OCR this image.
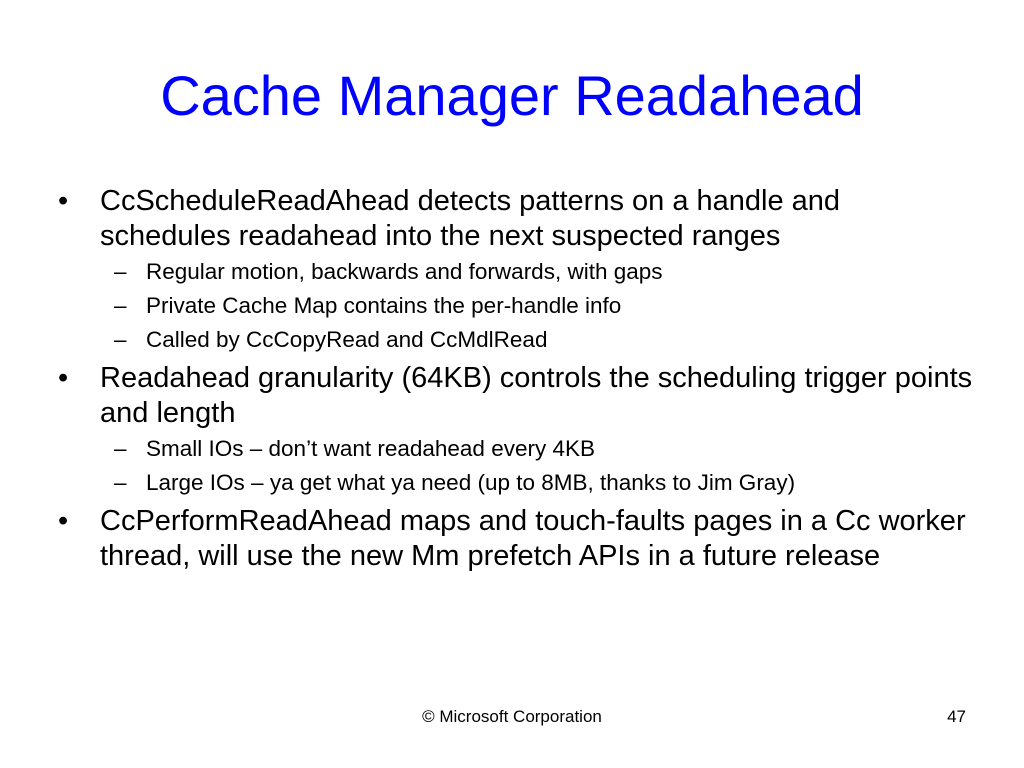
Cache Manager Readahead
•	CcScheduleReadAhead detects patterns on a handle and schedules readahead into the next suspected ranges
– Regular motion, backwards and forwards, with gaps
– Private Cache Map contains the per-handle info
– Called by CcCopyRead and CcMdlRead
•	Readahead granularity (64KB) controls the scheduling trigger points and length
– Small IOs – don’t want readahead every 4KB
– Large IOs – ya get what ya need (up to 8MB, thanks to Jim Gray)
•	CcPerformReadAhead maps and touch-faults pages in a Cc worker thread, will use the new Mm prefetch APIs in a future release
© Microsoft Corporation	47
